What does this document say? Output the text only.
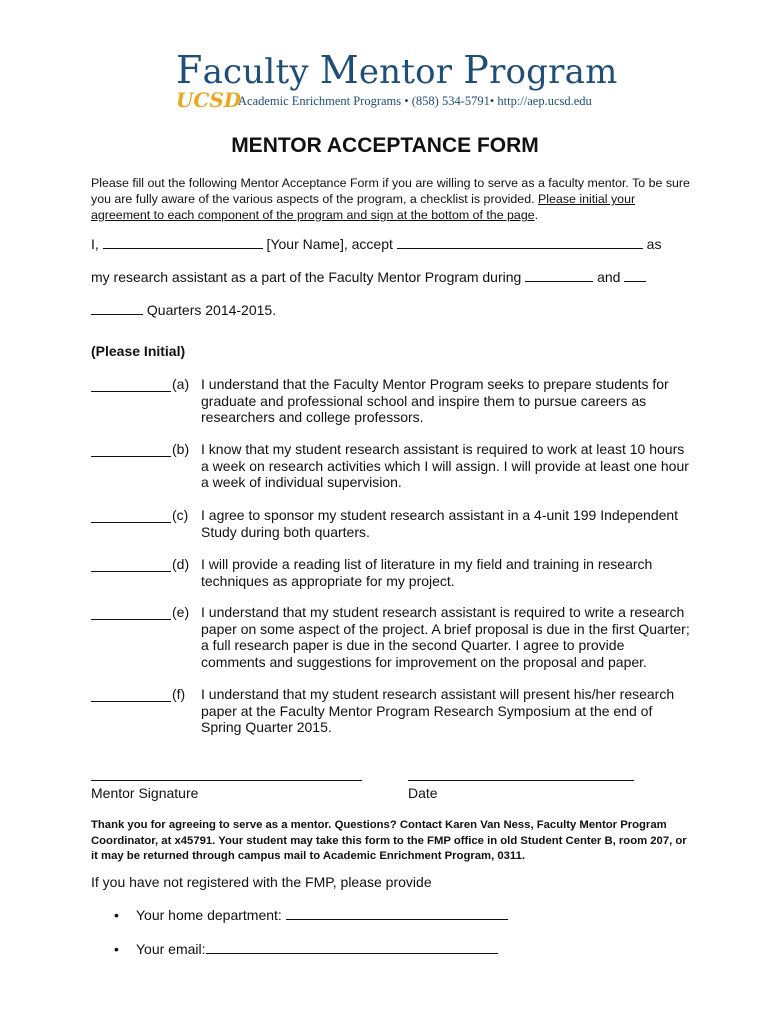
Faculty Mentor Program
UCSD
Academic Enrichment Programs • (858) 534-5791• http://aep.ucsd.edu
MENTOR ACCEPTANCE FORM
Please fill out the following Mentor Acceptance Form if you are willing to serve as a faculty mentor. To be sure you are fully aware of the various aspects of the program, a checklist is provided. Please initial your agreement to each component of the program and sign at the bottom of the page.
I,	[Your Name], accept	as
my research assistant as a part of the Faculty Mentor Program during	and
Quarters 2014-2015.
(Please Initial)
(a) I understand that the Faculty Mentor Program seeks to prepare students for graduate and professional school and inspire them to pursue careers as researchers and college professors.
(b) I know that my student research assistant is required to work at least 10 hours a week on research activities which I will assign. I will provide at least one hour a week of individual supervision.
(c) I agree to sponsor my student research assistant in a 4-unit 199 Independent Study during both quarters.
(d) I will provide a reading list of literature in my field and training in research techniques as appropriate for my project.
(e) I understand that my student research assistant is required to write a research paper on some aspect of the project. A brief proposal is due in the first Quarter; a full research paper is due in the second Quarter. I agree to provide comments and suggestions for improvement on the proposal and paper.
(f) I understand that my student research assistant will present his/her research paper at the Faculty Mentor Program Research Symposium at the end of Spring Quarter 2015.
Mentor Signature	Date
Thank you for agreeing to serve as a mentor. Questions? Contact Karen Van Ness, Faculty Mentor Program Coordinator, at x45791. Your student may take this form to the FMP office in old Student Center B, room 207, or it may be returned through campus mail to Academic Enrichment Program, 0311.
If you have not registered with the FMP, please provide
• Your home department:
• Your email:
